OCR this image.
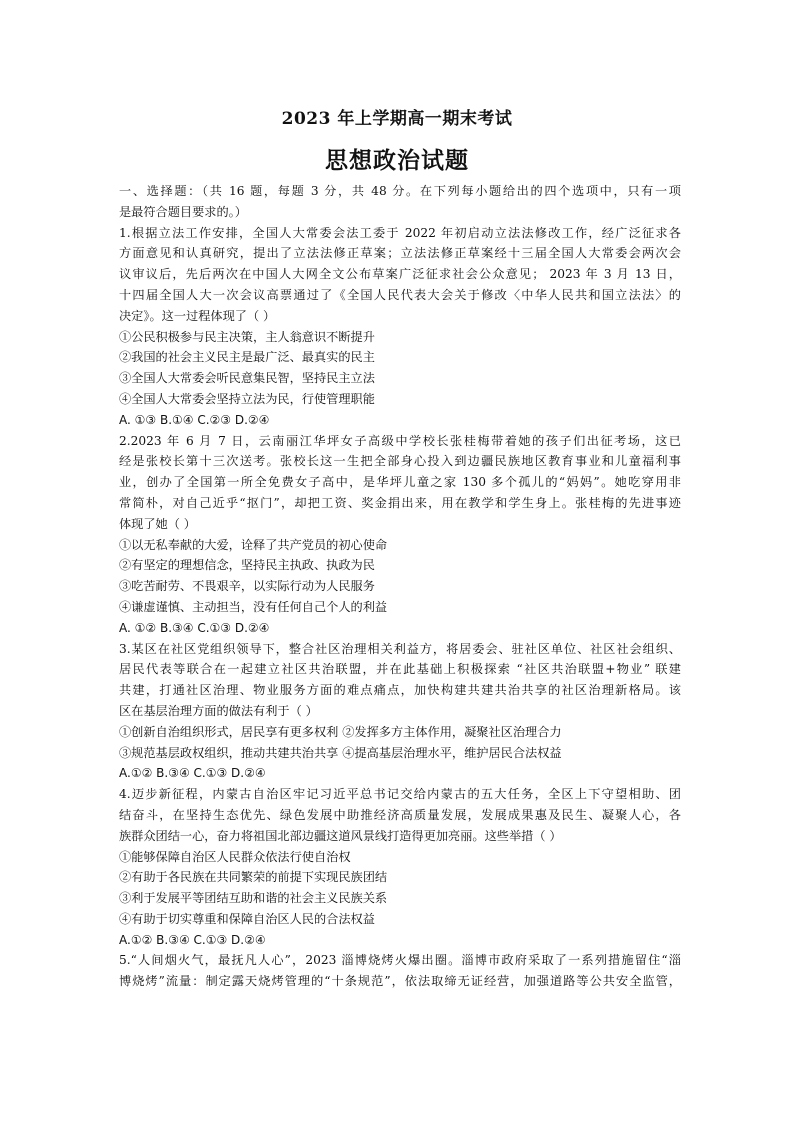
2023 年上学期高一期末考试
思想政治试题
一、选择题：（共 16 题，每题 3 分，共 48 分。在下列每小题给出的四个选项中，只有一项
是最符合题目要求的。）
1.根据立法工作安排，全国人大常委会法工委于 2022 年初启动立法法修改工作，经广泛征求各
方面意见和认真研究，提出了立法法修正草案；立法法修正草案经十三届全国人大常委会两次会
议审议后，先后两次在中国人大网全文公布草案广泛征求社会公众意见； 2023 年 3 月 13 日，
十四届全国人大一次会议高票通过了《全国人民代表大会关于修改〈中华人民共和国立法法〉的
决定》。这一过程体现了（ ）
①公民积极参与民主决策，主人翁意识不断提升
②我国的社会主义民主是最广泛、最真实的民主
③全国人大常委会听民意集民智，坚持民主立法
④全国人大常委会坚持立法为民，行使管理职能
A. ①③ B.①④ C.②③ D.②④
2.2023 年 6 月 7 日，云南丽江华坪女子高级中学校长张桂梅带着她的孩子们出征考场，这已
经是张校长第十三次送考。张校长这一生把全部身心投入到边疆民族地区教育事业和儿童福利事
业，创办了全国第一所全免费女子高中，是华坪儿童之家 130 多个孤儿的“妈妈”。她吃穿用非
常简朴，对自己近乎“抠门”，却把工资、奖金捐出来，用在教学和学生身上。张桂梅的先进事迹
体现了她（ ）
①以无私奉献的大爱，诠释了共产党员的初心使命
②有坚定的理想信念，坚持民主执政、执政为民
③吃苦耐劳、不畏艰辛，以实际行动为人民服务
④谦虚谨慎、主动担当，没有任何自己个人的利益
A. ①② B.③④ C.①③ D.②④
3.某区在社区党组织领导下，整合社区治理相关利益方，将居委会、驻社区单位、社区社会组织、
居民代表等联合在一起建立社区共治联盟，并在此基础上积极探索 “社区共治联盟+物业” 联建
共建，打通社区治理、物业服务方面的难点痛点，加快构建共建共治共享的社区治理新格局。该
区在基层治理方面的做法有利于（ ）
①创新自治组织形式，居民享有更多权利 ②发挥多方主体作用，凝聚社区治理合力
③规范基层政权组织，推动共建共治共享 ④提高基层治理水平，维护居民合法权益
A.①② B.③④ C.①③ D.②④
4.迈步新征程，内蒙古自治区牢记习近平总书记交给内蒙古的五大任务，全区上下守望相助、团
结奋斗，在坚持生态优先、绿色发展中助推经济高质量发展，发展成果惠及民生、凝聚人心，各
族群众团结一心，奋力将祖国北部边疆这道风景线打造得更加亮丽。这些举措（ ）
①能够保障自治区人民群众依法行使自治权
②有助于各民族在共同繁荣的前提下实现民族团结
③利于发展平等团结互助和谐的社会主义民族关系
④有助于切实尊重和保障自治区人民的合法权益
A.①② B.③④ C.①③ D.②④
5.“人间烟火气，最抚凡人心”，2023 淄博烧烤火爆出圈。淄博市政府采取了一系列措施留住“淄
博烧烤”流量：制定露天烧烤管理的“十条规范”，依法取缔无证经营，加强道路等公共安全监管，
